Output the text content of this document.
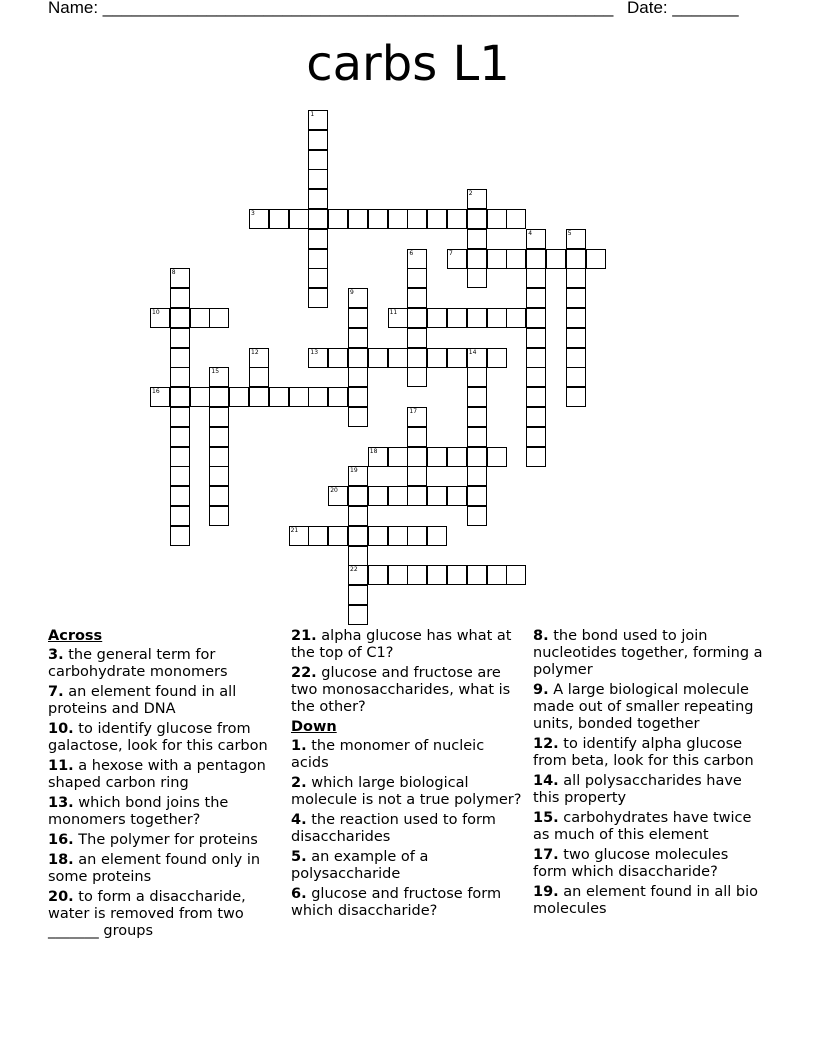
Name: ______________________________________________________ Date: _______
carbs L1
1
2
3
4	5
6	7
8
9
10	11
12	13	14
15
16
17
18
19
20
21
22
Across
3. the general term for carbohydrate monomers
7. an element found in all proteins and DNA
10. to identify glucose from galactose, look for this carbon
11. a hexose with a pentagon shaped carbon ring
13. which bond joins the monomers together?
16. The polymer for proteins
18. an element found only in some proteins
20. to form a disaccharide, water is removed from two _______ groups
21. alpha glucose has what at the top of C1?
22. glucose and fructose are two monosaccharides, what is the other?
Down
1. the monomer of nucleic acids
2. which large biological molecule is not a true polymer?
4. the reaction used to form disaccharides
5. an example of a polysaccharide
6. glucose and fructose form which disaccharide?
8. the bond used to join nucleotides together, forming a polymer
9. A large biological molecule made out of smaller repeating units, bonded together
12. to identify alpha glucose from beta, look for this carbon
14. all polysaccharides have this property
15. carbohydrates have twice as much of this element
17. two glucose molecules form which disaccharide?
19. an element found in all bio molecules
